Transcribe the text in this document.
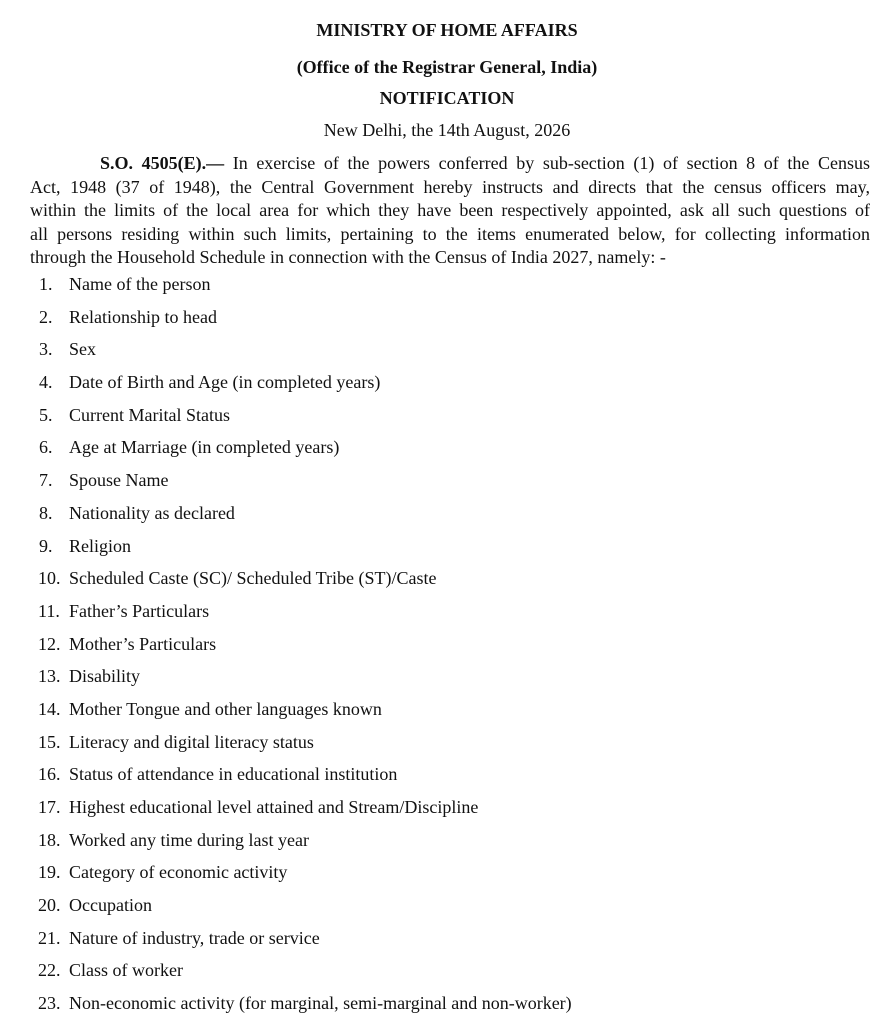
MINISTRY OF HOME AFFAIRS
(Office of the Registrar General, India)
NOTIFICATION
New Delhi, the 14th August, 2026
S.O. 4505(E).— In exercise of the powers conferred by sub-section (1) of section 8 of the Census
Act, 1948 (37 of 1948), the Central Government hereby instructs and directs that the census officers may,
within the limits of the local area for which they have been respectively appointed, ask all such questions of
all persons residing within such limits, pertaining to the items enumerated below, for collecting information
through the Household Schedule in connection with the Census of India 2027, namely: -
1. Name of the person
2. Relationship to head
3. Sex
4. Date of Birth and Age (in completed years)
5. Current Marital Status
6. Age at Marriage (in completed years)
7. Spouse Name
8. Nationality as declared
9. Religion
10. Scheduled Caste (SC)/ Scheduled Tribe (ST)/Caste
11. Father’s Particulars
12. Mother’s Particulars
13. Disability
14. Mother Tongue and other languages known
15. Literacy and digital literacy status
16. Status of attendance in educational institution
17. Highest educational level attained and Stream/Discipline
18. Worked any time during last year
19. Category of economic activity
20. Occupation
21. Nature of industry, trade or service
22. Class of worker
23. Non-economic activity (for marginal, semi-marginal and non-worker)
